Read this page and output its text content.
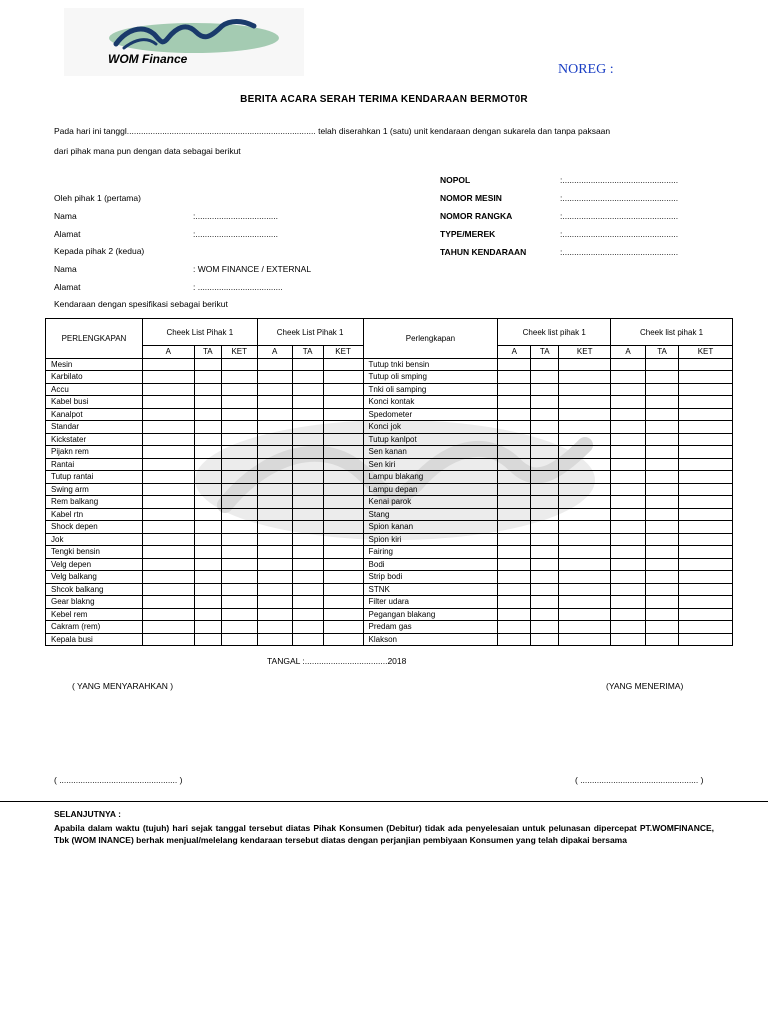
WOM Finance
NOREG :
BERITA ACARA SERAH TERIMA KENDARAAN BERMOT0R
Pada hari ini tanggl................................................................................ telah diserahkan 1 (satu) unit kendaraan dengan sukarela dan tanpa paksaan
dari pihak mana pun dengan data sebagai berikut
NOPOL	:.................................................
NOMOR MESIN	:.................................................
NOMOR RANGKA	:.................................................
TYPE/MEREK	:.................................................
TAHUN KENDARAAN	:.................................................
Oleh pihak 1 (pertama)
Nama	:...................................
Alamat	:...................................
Kepada pihak 2 (kedua)
Nama	: WOM FINANCE / EXTERNAL
Alamat	: ....................................
Kendaraan dengan spesifikasi sebagai berikut
PERLENGKAPAN	Cheek List Pihak 1			Cheek List Pihak 1			Perlengkapan	Cheek list pihak 1			Cheek list pihak 1		
	A	TA	KET	A	TA	KET		A	TA	KET	A	TA	KET
Mesin							Tutup tnki bensin						
Karbilato							Tutup oli smping						
Accu							Tnki oli samping						
Kabel busi							Konci kontak						
Kanalpot							Spedometer						
Standar							Konci jok						
Kickstater							Tutup kanlpot						
Pijakn rem							Sen kanan						
Rantai							Sen kiri						
Tutup rantai							Lampu blakang						
Swing arm							Lampu depan						
Rem balkang							Kenai parok						
Kabel rtn							Stang						
Shock depen							Spion kanan						
Jok							Spion kiri						
Tengki bensin							Fairing						
Velg depen							Bodi						
Velg balkang							Strip bodi						
Shcok balkang							STNK						
Gear blakng							Filter udara						
Kebel rem							Pegangan blakang						
Cakram (rem)							Predam gas						
Kepala busi							Klakson						
TANGAL :...................................2018
( YANG MENYARAHKAN )	(YANG MENERIMA)
( .................................................. )	( .................................................. )
SELANJUTNYA :
Apabila dalam waktu (tujuh) hari sejak tanggal tersebut diatas Pihak Konsumen (Debitur) tidak ada penyelesaian untuk pelunasan dipercepat PT.WOMFINANCE, Tbk (WOM INANCE) berhak menjual/melelang kendaraan tersebut diatas dengan perjanjian pembiyaan Konsumen yang telah dipakai bersama
